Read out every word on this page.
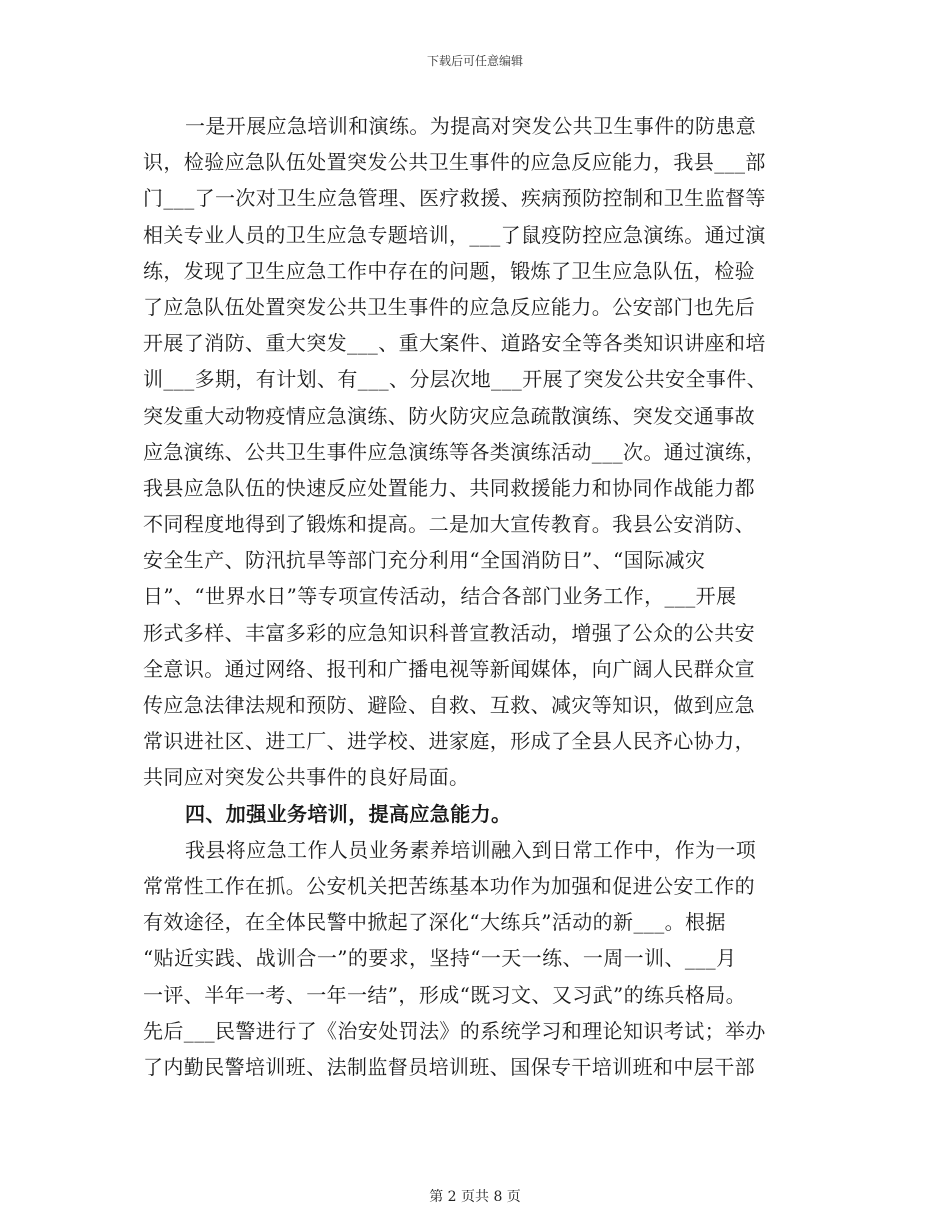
下载后可任意编辑
一是开展应急培训和演练。为提高对突发公共卫生事件的防患意
识，检验应急队伍处置突发公共卫生事件的应急反应能力，我县___部
门___了一次对卫生应急管理、医疗救援、疾病预防控制和卫生监督等
相关专业人员的卫生应急专题培训，___了鼠疫防控应急演练。通过演
练，发现了卫生应急工作中存在的问题，锻炼了卫生应急队伍，检验
了应急队伍处置突发公共卫生事件的应急反应能力。公安部门也先后
开展了消防、重大突发___、重大案件、道路安全等各类知识讲座和培
训___多期，有计划、有___、分层次地___开展了突发公共安全事件、
突发重大动物疫情应急演练、防火防灾应急疏散演练、突发交通事故
应急演练、公共卫生事件应急演练等各类演练活动___次。通过演练，
我县应急队伍的快速反应处置能力、共同救援能力和协同作战能力都
不同程度地得到了锻炼和提高。二是加大宣传教育。我县公安消防、
安全生产、防汛抗旱等部门充分利用“全国消防日”、“国际减灾
日”、“世界水日”等专项宣传活动，结合各部门业务工作，___开展
形式多样、丰富多彩的应急知识科普宣教活动，增强了公众的公共安
全意识。通过网络、报刊和广播电视等新闻媒体，向广阔人民群众宣
传应急法律法规和预防、避险、自救、互救、减灾等知识，做到应急
常识进社区、进工厂、进学校、进家庭，形成了全县人民齐心协力，
共同应对突发公共事件的良好局面。
四、加强业务培训，提高应急能力。
我县将应急工作人员业务素养培训融入到日常工作中，作为一项
常常性工作在抓。公安机关把苦练基本功作为加强和促进公安工作的
有效途径，在全体民警中掀起了深化“大练兵”活动的新___。根据
“贴近实践、战训合一”的要求，坚持“一天一练、一周一训、___月
一评、半年一考、一年一结”，形成“既习文、又习武”的练兵格局。
先后___民警进行了《治安处罚法》的系统学习和理论知识考试；举办
了内勤民警培训班、法制监督员培训班、国保专干培训班和中层干部
第 2 页共 8 页
